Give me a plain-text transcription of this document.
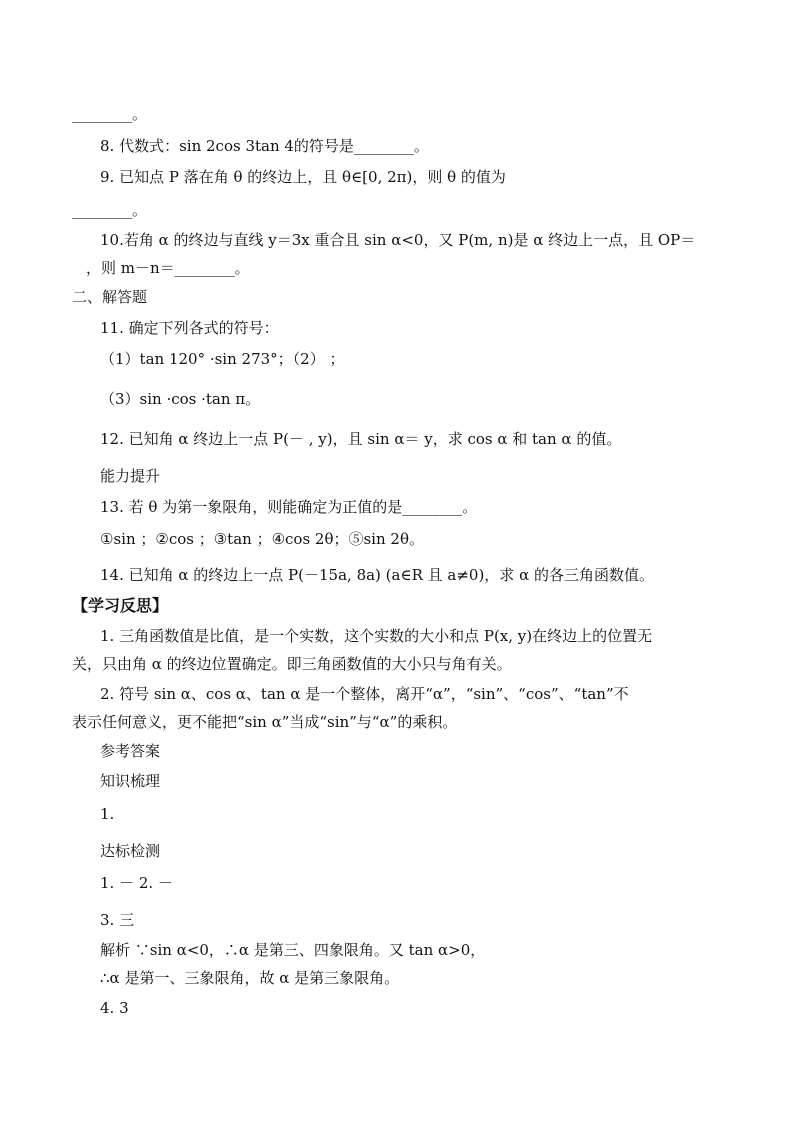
________。
8. 代数式：sin 2cos 3tan 4的符号是________。
9. 已知点 P 落在角 θ 的终边上，且 θ∈[0, 2π)，则 θ 的值为
________。
10.若角 α 的终边与直线 y＝3x 重合且 sin α<0，又 P(m, n)是 α 终边上一点，且 OP＝
，则 m－n＝________。
二、解答题
11. 确定下列各式的符号：
（1）tan 120° ·sin 273°；（2） ；
（3）sin ·cos ·tan π。
12. 已知角 α 终边上一点 P(－ , y)，且 sin α＝ y，求 cos α 和 tan α 的值。
能力提升
13. 若 θ 为第一象限角，则能确定为正值的是________。
①sin ；②cos ；③tan ；④cos 2θ；⑤sin 2θ。
14. 已知角 α 的终边上一点 P(－15a, 8a) (a∈R 且 a≠0)，求 α 的各三角函数值。
【学习反思】
1. 三角函数值是比值，是一个实数，这个实数的大小和点 P(x, y)在终边上的位置无
关，只由角 α 的终边位置确定。即三角函数值的大小只与角有关。
2. 符号 sin α、cos α、tan α 是一个整体，离开“α”，“sin”、“cos”、“tan”不
表示任何意义，更不能把“sin α”当成“sin”与“α”的乘积。
参考答案
知识梳理
1.
达标检测
1. － 2. －
3. 三
解析 ∵sin α<0，∴α 是第三、四象限角。又 tan α>0，
∴α 是第一、三象限角，故 α 是第三象限角。
4. 3
